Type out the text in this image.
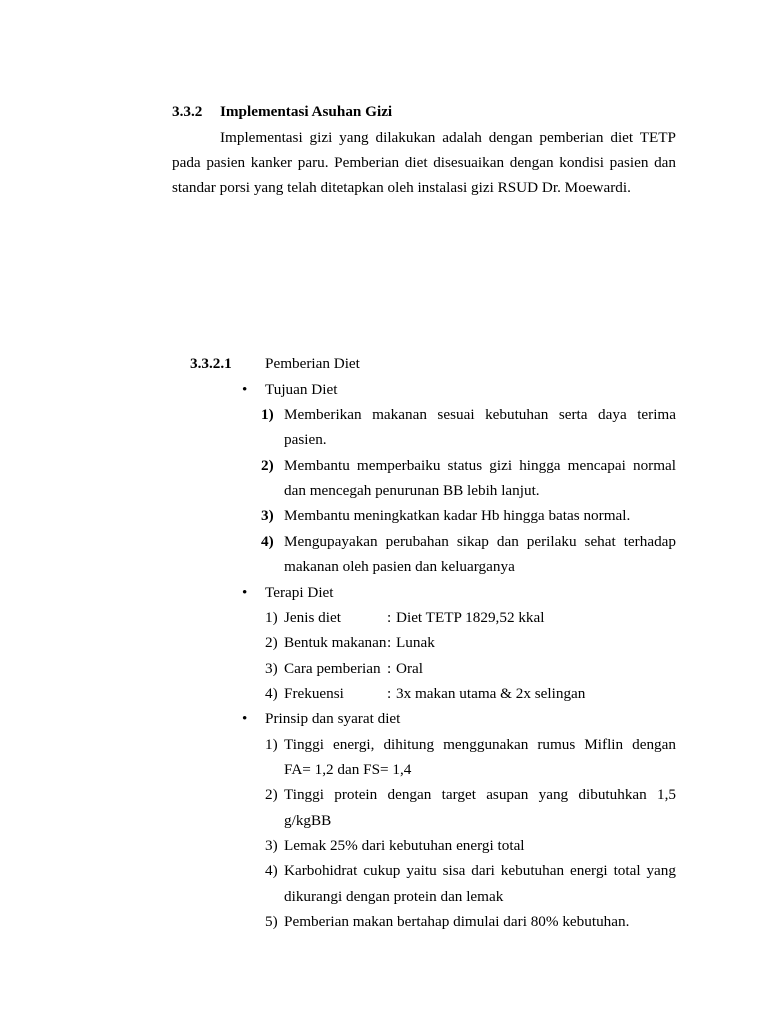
3.3.2 Implementasi Asuhan Gizi
Implementasi gizi yang dilakukan adalah dengan pemberian diet TETP
pada pasien kanker paru. Pemberian diet disesuaikan dengan kondisi pasien dan
standar porsi yang telah ditetapkan oleh instalasi gizi RSUD Dr. Moewardi.
3.3.2.1 Pemberian Diet
• Tujuan Diet
1) Memberikan makanan sesuai kebutuhan serta daya terima
pasien.
2) Membantu memperbaiku status gizi hingga mencapai normal
dan mencegah penurunan BB lebih lanjut.
3) Membantu meningkatkan kadar Hb hingga batas normal.
4) Mengupayakan perubahan sikap dan perilaku sehat terhadap
makanan oleh pasien dan keluarganya
• Terapi Diet
1) Jenis diet	: Diet TETP 1829,52 kkal
2) Bentuk makanan : Lunak
3) Cara pemberian : Oral
4) Frekuensi	: 3x makan utama & 2x selingan
• Prinsip dan syarat diet
1) Tinggi energi, dihitung menggunakan rumus Miflin dengan
FA= 1,2 dan FS= 1,4
2) Tinggi protein dengan target asupan yang dibutuhkan 1,5
g/kgBB
3) Lemak 25% dari kebutuhan energi total
4) Karbohidrat cukup yaitu sisa dari kebutuhan energi total yang
dikurangi dengan protein dan lemak
5) Pemberian makan bertahap dimulai dari 80% kebutuhan.
